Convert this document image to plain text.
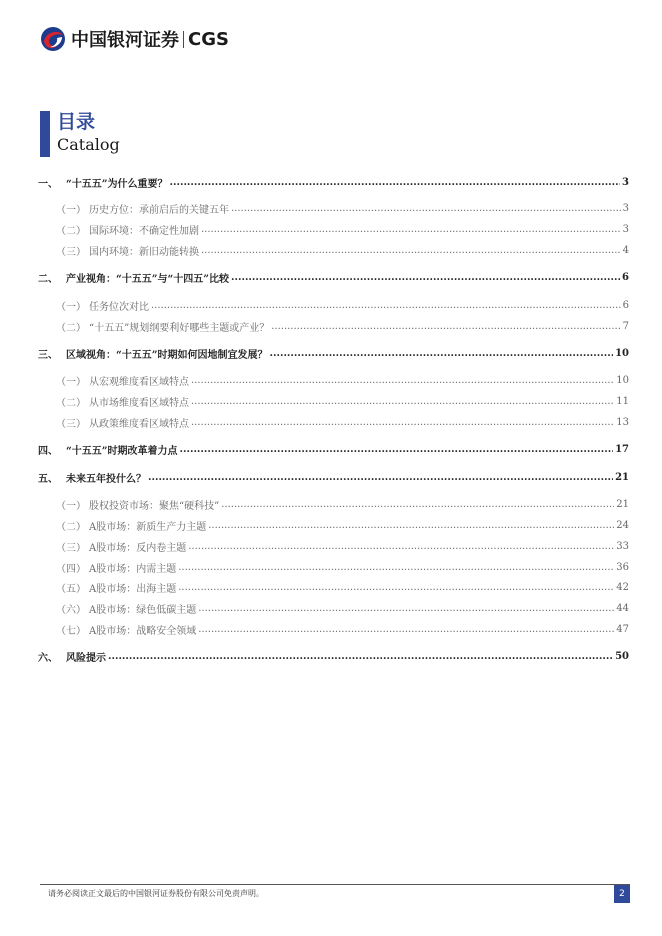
中国银河证券 CGS
目录
Catalog
一、 “十五五”为什么重要？ .....	3
（一） 历史方位：承前启后的关键五年 .....	3
（二） 国际环境：不确定性加剧 .....	3
（三） 国内环境：新旧动能转换 .....	4
二、 产业视角：“十五五”与“十四五”比较 .....	6
（一） 任务位次对比 .....	6
（二） “十五五”规划纲要利好哪些主题或产业？ .....	7
三、 区域视角：“十五五”时期如何因地制宜发展？ .....	10
（一） 从宏观维度看区域特点 .....	10
（二） 从市场维度看区域特点 .....	11
（三） 从政策维度看区域特点 .....	13
四、 “十五五”时期改革着力点 .....	17
五、 未来五年投什么？ .....	21
（一） 股权投资市场：聚焦“硬科技” .....	21
（二） A股市场：新质生产力主题 .....	24
（三） A股市场：反内卷主题 .....	33
（四） A股市场：内需主题 .....	36
（五） A股市场：出海主题 .....	42
（六） A股市场：绿色低碳主题 .....	44
（七） A股市场：战略安全领域 .....	47
六、 风险提示 .....	50
请务必阅读正文最后的中国银河证券股份有限公司免责声明。	2
